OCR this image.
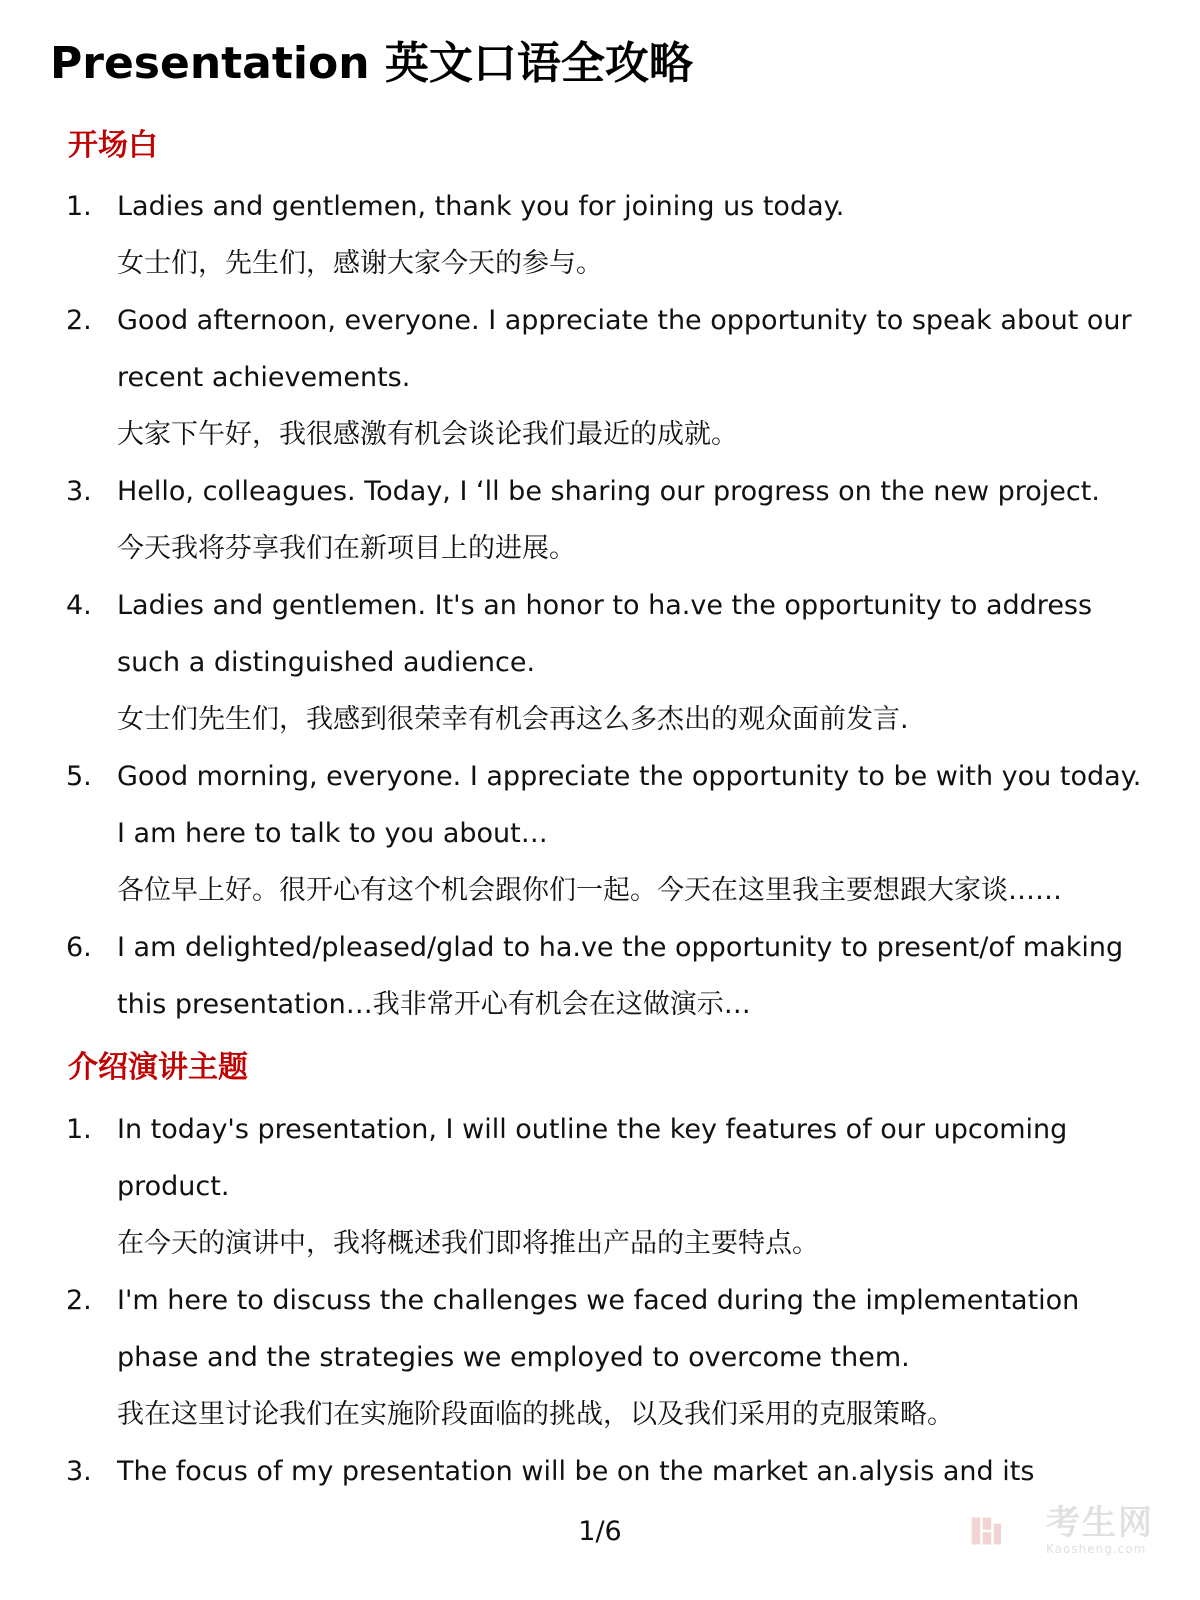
Presentation 英文口语全攻略
开场白
1. Ladies and gentlemen, thank you for joining us today.
女士们，先生们，感谢大家今天的参与。
2. Good afternoon, everyone. I appreciate the opportunity to speak about our
recent achievements.
大家下午好，我很感激有机会谈论我们最近的成就。
3. Hello, colleagues. Today, I ‘ll be sharing our progress on the new project.
今天我将芬享我们在新项目上的进展。
4. Ladies and gentlemen. It's an honor to ha.ve the opportunity to address
such a distinguished audience.
女士们先生们，我感到很荣幸有机会再这么多杰出的观众面前发言.
5. Good morning, everyone. I appreciate the opportunity to be with you today.
I am here to talk to you about…
各位早上好。很开心有这个机会跟你们一起。今天在这里我主要想跟大家谈……
6. I am delighted/pleased/glad to ha.ve the opportunity to present/of making
this presentation…我非常开心有机会在这做演示…
介绍演讲主题
1. In today's presentation, I will outline the key features of our upcoming
product.
在今天的演讲中，我将概述我们即将推出产品的主要特点。
2. I'm here to discuss the challenges we faced during the implementation
phase and the strategies we employed to overcome them.
我在这里讨论我们在实施阶段面临的挑战，以及我们采用的克服策略。
3. The focus of my presentation will be on the market an.alysis and its
1/6	考生网
Kaosheng.com
